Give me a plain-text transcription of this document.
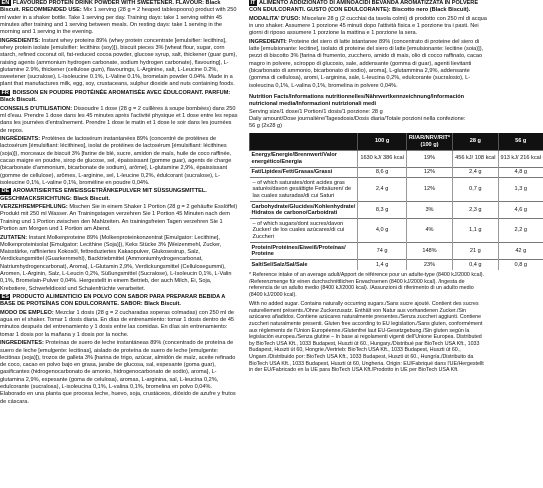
EN FLAVOURED PROTEIN DRINK POWDER WITH SWEETENER. FLAVOUR: Black Biscuit. RECOMMENDED USE: Mix 1 serving (28 g = 2 heaped tablespoons) product with 250 ml water in a shaker bottle. Take 1 serving per day. Training days: take 1 serving within 45 minutes after training and 1 serving between meals. On resting days: take 1 serving in the morning and 1 serving in the evening.

INGREDIENTS: Instant whey proteins 89% (whey protein concentrate [emulsifier: lecithins], whey protein isolate [emulsifier: lecithins (soy)]), biscuit pieces 3% [wheat flour, sugar, corn starch, refined coconut oil, fat-reduced cocoa powder, glucose syrup, salt, thickener (guar gum), raising agents (ammonium hydrogen carbonate, sodium hydrogen carbonate), flavouring], L-glutamine 2.9%, thickener (cellulose gum), flavourings, L-Arginine, salt, L-Leucine 0.2%, sweetener (sucralose), L-Isoleucine 0.1%, L-Valine 0.1%, bromelain powder 0.04%. Made in a plant that manufactures milk, egg, soy, crustaceans, sulphur dioxide and nuts containing foods.

FR BOISSON EN POUDRE PROTÉINÉE AROMATISÉE AVEC ÉDULCORANT. PARFUM: Black Biscuit.

CONSEILS D'UTILISATION: Dissoudre 1 dose (28 g = 2 cuillères à soupe bombées) dans 250 ml d'eau. Prendre 1 dose dans les 45 minutes après l'activité physique et 1 dose entre les repas dans les journées d'entraînement. Prendre 1 dose le matin et 1 dose le soir dans les journées de repos.

INGRÉDIENTS: Protéines de lactosérum instantanées 89% (concentré de protéines de lactosérum [émulsifiant: lécithines], isolat de protéines de lactosérum [émulsifiant: lécithines (soja)]), morceaux de biscuit 3% [farine de blé, sucre, amidon de maïs, huile de coco raffinée, cacao maigre en poudre, sirop de glucose, sel, épaississant (gomme guar), agents de charge (bicarbonate d'ammonium, bicarbonate de sodium), arôme], L-glutamine 2,9%, épaississant (gomme de cellulose), arômes, L-arginine, sel, L-leucine 0,2%, édulcorant (sucralose), L-isoleucine 0,1%, L-valine 0,1%, broméline en poudre 0,04%.

DE AROMATISIERTES EIWEISSGETRÄNKEPULVER MIT SÜSSUNGSMITTEL. GESCHMACKSRICHTUNG: Black Biscuit.

VERZEHREMPFEHLUNG: Mischen Sie in einem Shaker 1 Portion (28 g = 2 gehäufte Esslöffel) Produkt mit 250 ml Wasser. An Trainingstagen verzehren Sie 1 Portion 45 Minuten nach dem Training und 1 Portion zwischen den Mahlzeiten. An trainingsfreien Tagen verzehren Sie 1 Portion am Morgen und 1 Portion am Abend.

ZUTATEN: Instant Molkenproteine 89% (Molkenproteinkonzentrat [Emulgator: Lecithine], Molkenproteinisolat [Emulgator: Lecithine (Soja)]), Keks Stücke 3% [Weizenmehl, Zucker, Maisstärke, raffiniertes Kokosöl, fettreduziertes Kakaopulver, Glukosesirup, Salz, Verdickungsmittel (Guarkernmehl), Backtriebmittel (Ammoniumhydrogencarbonat, Natriumhydrogencarbonat), Aroma], L-Glutamin 2,9%, Verdickungsmittel (Cellulosegummi), Aromen, L-Arginin, Salz, L-Leucin 0,2%, Süßungsmittel (Sucralose), L-Isoleucin 0,1%, L-Valin 0,1%, Bromelain-Pulver 0,04%. Hergestellt in einem Betrieb, der auch Milch, Ei, Soja, Krebstiere, Schwefeldioxid und Schalenfrüchte verarbeitet.

ES PRODUCTO ALIMENTICIO EN POLVO CON SABOR PARA PREPARAR BEBIDA A BASE DE PROTEÍNAS CON EDULCORANTE. SABOR: Black Biscuit.

MODO DE EMPLEO: Mezclar 1 dosis (28 g = 2 cucharadas soperas colmadas) con 250 ml de agua en el shaker. Tomar 1 dosis diaria. En días de entrenamiento: tomar 1 dosis dentro de 45 minutos después del entrenamiento y 1 dosis entre las comidas. En días sin entrenamiento: tomar 1 dosis por la mañana y 1 dosis por la noche.

INGREDIENTES: Proteínas de suero de leche instantáneas 89% (concentrado de proteína de suero de leche [emulgente: lecitinas], aislado de proteína de suero de leche [emulgente: lecitinas (soja)]), trozos de galleta 3% [harina de trigo, azúcar, almidón de maíz, aceite refinado de coco, cacao en polvo bajo en grasa, jarabe de glucosa, sal, espesante (goma guar), gasificantes (hidrogenocarbonato de amonio, hidrogenocarbonato de sodio), aroma], L-glutamina 2,9%, espesante (goma de celulosa), aromas, L-arginina, sal, L-leucina 0,2%, edulcorante (sucralosa), L-isoleucina 0,1%, L-valina 0,1%, bromelina en polvo 0,04%. Elaborado en una planta que procesa leche, huevo, soja, crustáceos, dióxido de azufre y frutos de cáscara.

IT ALIMENTO ADDIZIONATO DI AMINOACIDI BEVANDA AROMATIZZATA IN POLVERE CON EDULCORANTI. GUSTO (CON EDULCORANTE): Biscotto nero (Black Biscuit).

MODALITA' D'USO: Miscelare 28 g (2 cucchiai da tavola colmi) di prodotto con 250 ml di acqua in uno shaker. Assumere 1 porzione 45 minuti dopo l'attività fisica e 1 porzione tra i pasti. Nei giorni di riposo assumere 1 porzione la mattina e 1 porzione la sera.

INGREDIENTI: Proteine del siero di latte istantanee 89% (concentrato di proteine del siero di latte [emulsionante: lecitine], isolato di proteine del siero di latte [emulsionante: lecitine (soia)]), pezzi di biscotto 3% [farina di frumento, zucchero, amido di mais, olio di cocco raffinato, cacao magro in polvere, sciroppo di glucosio, sale, addensante (gomma di guar), agenti lievitanti (bicarbonato di ammonio, bicarbonato di sodio), aroma], L-glutammina 2,9%, addensante (gomma di cellulosa), aromi, L-arginina, sale, L-leucina 0,2%, edulcorante (sucralosio), L-isoleucina 0,1%, L-valina 0,1%, bromelina in polvere 0,04%.

Nutrition Facts/Informations nutritionnelles/Nährwertkennzeichnung/Información nutricional media/Informazioni nutrizionali medi
Serving size/1 dose/1 Portion/1 dosis/1 porzione: 28 g
Daily amount/Dose journalière/Tagesdosis/Dosis diaria/Totale porzioni nella confezione:
56 g (2x28 g)
	100 g	RI/AR/NRV/RIT* (100 g)	28 g	56 g
Energy/Energie/Brennwert/Valor energético/Energia	1630 kJ/ 386 kcal	19%	456 kJ/ 108 kcal	913 kJ/ 216 kcal
Fat/Lipides/Fett/Grasas/Grassi	8,6 g	12%	2,4 g	4,8 g
– of which saturates/dont acides gras saturés/davon gesättigte Fettsäuren/ de las cuales saturadas/di cui Saturi	2,4 g	12%	0,7 g	1,3 g
Carbohydrate/Glucides/Kohlenhydrate/ Hidratos de carbono/Carboidrati	8,3 g	3%	2,3 g	4,6 g
– of which sugars/dont sucres/davon Zucker/ de los cuales azúcares/di cui Zuccheri	4,0 g	4%	1,1 g	2,2 g
Protein/Protéines/Eiweiß/Proteínas/ Proteine	74 g	148%	21 g	42 g
Salt/Sel/Salz/Sal/Sale	1,4 g	23%	0,4 g	0,8 g
* Reference intake of an average adult/Apport de référence pour un adulte-type (8400 kJ/2000 kcal). /Referenzmenge für einen durchschnittlichen Erwachsenen (8400 kJ/2000 kcal). /Ingesta de referencia de un adulto medio (8400 kJ/2000 kcal). /Assunzioni di riferimento di un adulto medio (8400 kJ/2000 kcal).
With no added sugar. Contains naturally occurring sugars./Sans sucre ajouté. Contient des sucres naturellement présents./Ohne Zuckerzusatz. Enthält von Natur aus vorhandenen Zucker./Sin azúcares añadidos. Contiene azúcares naturalmente presentes./Senza zuccheri aggiunti. Contiene zuccheri naturalmente presenti. Gluten free according to EU legislation./Sans gluten, conformément aux règlements de l'Union Européenne./Glutenfrei laut EU-Gesetzgebung./Sin gluten según la legislación europea./Senza glutine – In base ai regolamenti vigenti dell'Unione Europea. Distributed by BioTech USA Kft., 1033 Budapest, Huszti út 60., Hungary./Distribué par BioTech USA Kft., 1033 Budapest, Huszti út 60, Hongrie./Vertrieb: BioTech USA Kft., 1033 Budapest, Huszti út 60., Ungarn./Distribuido por: BioTech USA Kft., 1033 Budapest, Huszti út 60., Hungría./Distribuito da BioTech USA Kft., 1033 Budapest, Huszti út 60, Ungheria. Origin: EU/Fabriqué dans l'UE/Hergestellt in der EU/Fabricado en la UE para BioTech USA Kft./Prodotto in UE per BioTech USA Kft.
